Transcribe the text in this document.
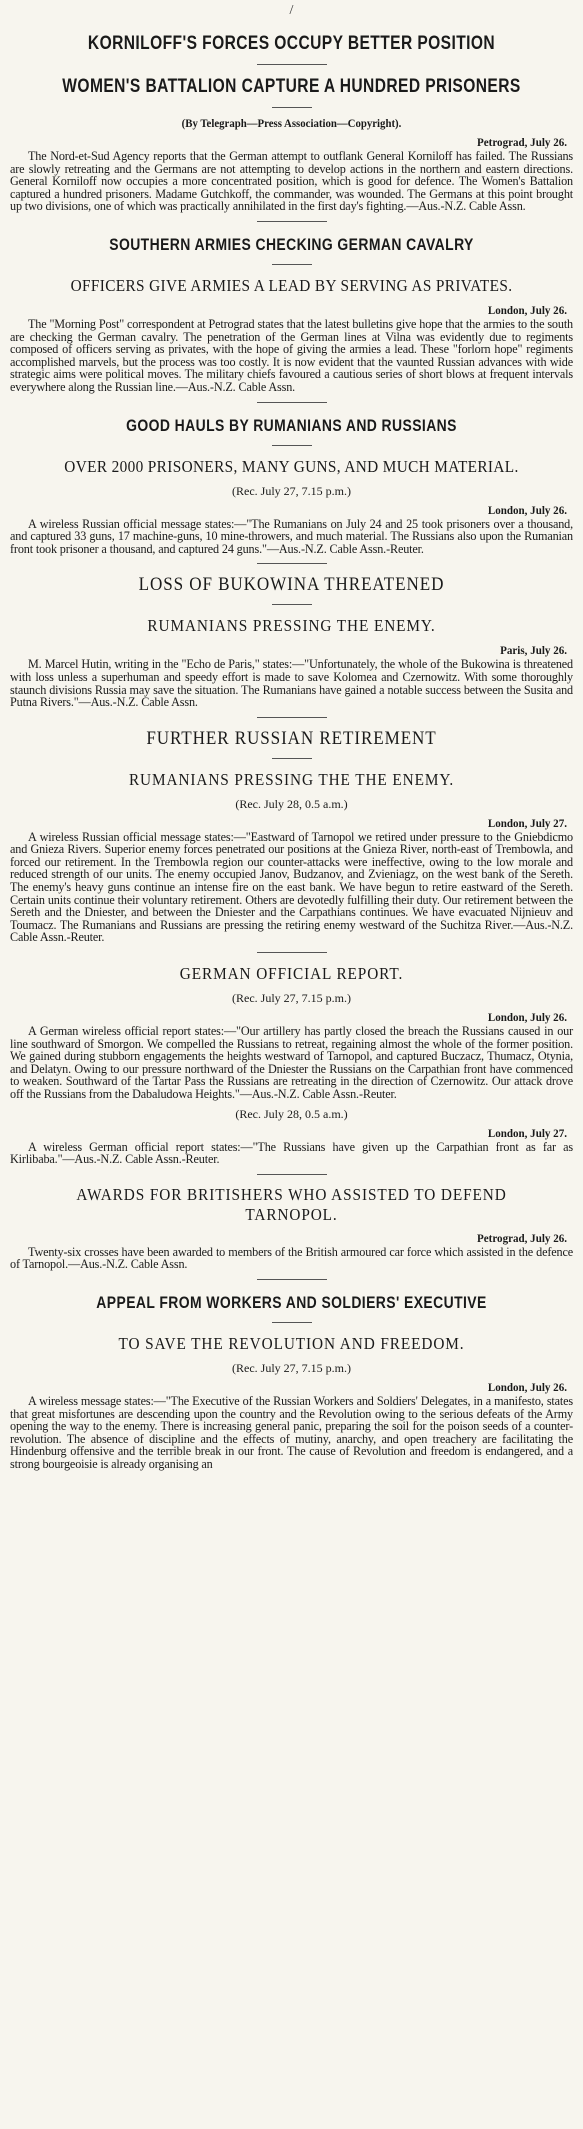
/
KORNILOFF'S FORCES OCCUPY BETTER POSITION
WOMEN'S BATTALION CAPTURE A HUNDRED PRISONERS
(By Telegraph—Press Association—Copyright).
Petrograd, July 26.

The Nord-et-Sud Agency reports that the German attempt to outflank General Korniloff has failed. The Russians are slowly retreating and the Germans are not attempting to develop actions in the northern and eastern directions. General Korniloff now occupies a more concentrated position, which is good for defence. The Women's Battalion captured a hundred prisoners. Madame Gutchkoff, the commander, was wounded. The Germans at this point brought up two divisions, one of which was practically annihilated in the first day's fighting.—Aus.-N.Z. Cable Assn.

SOUTHERN ARMIES CHECKING GERMAN CAVALRY
OFFICERS GIVE ARMIES A LEAD BY SERVING AS PRIVATES.
London, July 26.

The "Morning Post" correspondent at Petrograd states that the latest bulletins give hope that the armies to the south are checking the German cavalry. The penetration of the German lines at Vilna was evidently due to regiments composed of officers serving as privates, with the hope of giving the armies a lead. These "forlorn hope" regiments accomplished marvels, but the process was too costly. It is now evident that the vaunted Russian advances with wide strategic aims were political moves. The military chiefs favoured a cautious series of short blows at frequent intervals everywhere along the Russian line.—Aus.-N.Z. Cable Assn.

GOOD HAULS BY RUMANIANS AND RUSSIANS
OVER 2000 PRISONERS, MANY GUNS, AND MUCH MATERIAL.
(Rec. July 27, 7.15 p.m.)
London, July 26.

A wireless Russian official message states:—"The Rumanians on July 24 and 25 took prisoners over a thousand, and captured 33 guns, 17 machine-guns, 10 mine-throwers, and much material. The Russians also upon the Rumanian front took prisoner a thousand, and captured 24 guns."—Aus.-N.Z. Cable Assn.-Reuter.

LOSS OF BUKOWINA THREATENED
RUMANIANS PRESSING THE ENEMY.
Paris, July 26.

M. Marcel Hutin, writing in the "Echo de Paris," states:—"Unfortunately, the whole of the Bukowina is threatened with loss unless a superhuman and speedy effort is made to save Kolomea and Czernowitz. With some thoroughly staunch divisions Russia may save the situation. The Rumanians have gained a notable success between the Susita and Putna Rivers."—Aus.-N.Z. Cable Assn.

FURTHER RUSSIAN RETIREMENT
RUMANIANS PRESSING THE THE ENEMY.
(Rec. July 28, 0.5 a.m.)
London, July 27.

A wireless Russian official message states:—"Eastward of Tarnopol we retired under pressure to the Gniebdicmo and Gnieza Rivers. Superior enemy forces penetrated our positions at the Gnieza River, north-east of Trembowla, and forced our retirement. In the Trembowla region our counter-attacks were ineffective, owing to the low morale and reduced strength of our units. The enemy occupied Janov, Budzanov, and Zvieniagz, on the west bank of the Sereth. The enemy's heavy guns continue an intense fire on the east bank. We have begun to retire eastward of the Sereth. Certain units continue their voluntary retirement. Others are devotedly fulfilling their duty. Our retirement between the Sereth and the Dniester, and between the Dniester and the Carpathians continues. We have evacuated Nijnieuv and Toumacz. The Rumanians and Russians are pressing the retiring enemy westward of the Suchitza River.—Aus.-N.Z. Cable Assn.-Reuter.

GERMAN OFFICIAL REPORT.
(Rec. July 27, 7.15 p.m.)
London, July 26.

A German wireless official report states:—"Our artillery has partly closed the breach the Russians caused in our line southward of Smorgon. We compelled the Russians to retreat, regaining almost the whole of the former position. We gained during stubborn engagements the heights westward of Tarnopol, and captured Buczacz, Thumacz, Otynia, and Delatyn. Owing to our pressure northward of the Dniester the Russians on the Carpathian front have commenced to weaken. Southward of the Tartar Pass the Russians are retreating in the direction of Czernowitz. Our attack drove off the Russians from the Dabaludowa Heights."—Aus.-N.Z. Cable Assn.-Reuter.

(Rec. July 28, 0.5 a.m.)
London, July 27.

A wireless German official report states:—"The Russians have given up the Carpathian front as far as Kirlibaba."—Aus.-N.Z. Cable Assn.-Reuter.

AWARDS FOR BRITISHERS WHO ASSISTED TO DEFEND TARNOPOL.
Petrograd, July 26.

Twenty-six crosses have been awarded to members of the British armoured car force which assisted in the defence of Tarnopol.—Aus.-N.Z. Cable Assn.

APPEAL FROM WORKERS AND SOLDIERS' EXECUTIVE
TO SAVE THE REVOLUTION AND FREEDOM.
(Rec. July 27, 7.15 p.m.)
London, July 26.

A wireless message states:—"The Executive of the Russian Workers and Soldiers' Delegates, in a manifesto, states that great misfortunes are descending upon the country and the Revolution owing to the serious defeats of the Army opening the way to the enemy. There is increasing general panic, preparing the soil for the poison seeds of a counter-revolution. The absence of discipline and the effects of mutiny, anarchy, and open treachery are facilitating the Hindenburg offensive and the terrible break in our front. The cause of Revolution and freedom is endangered, and a strong bourgeoisie is already organising an
